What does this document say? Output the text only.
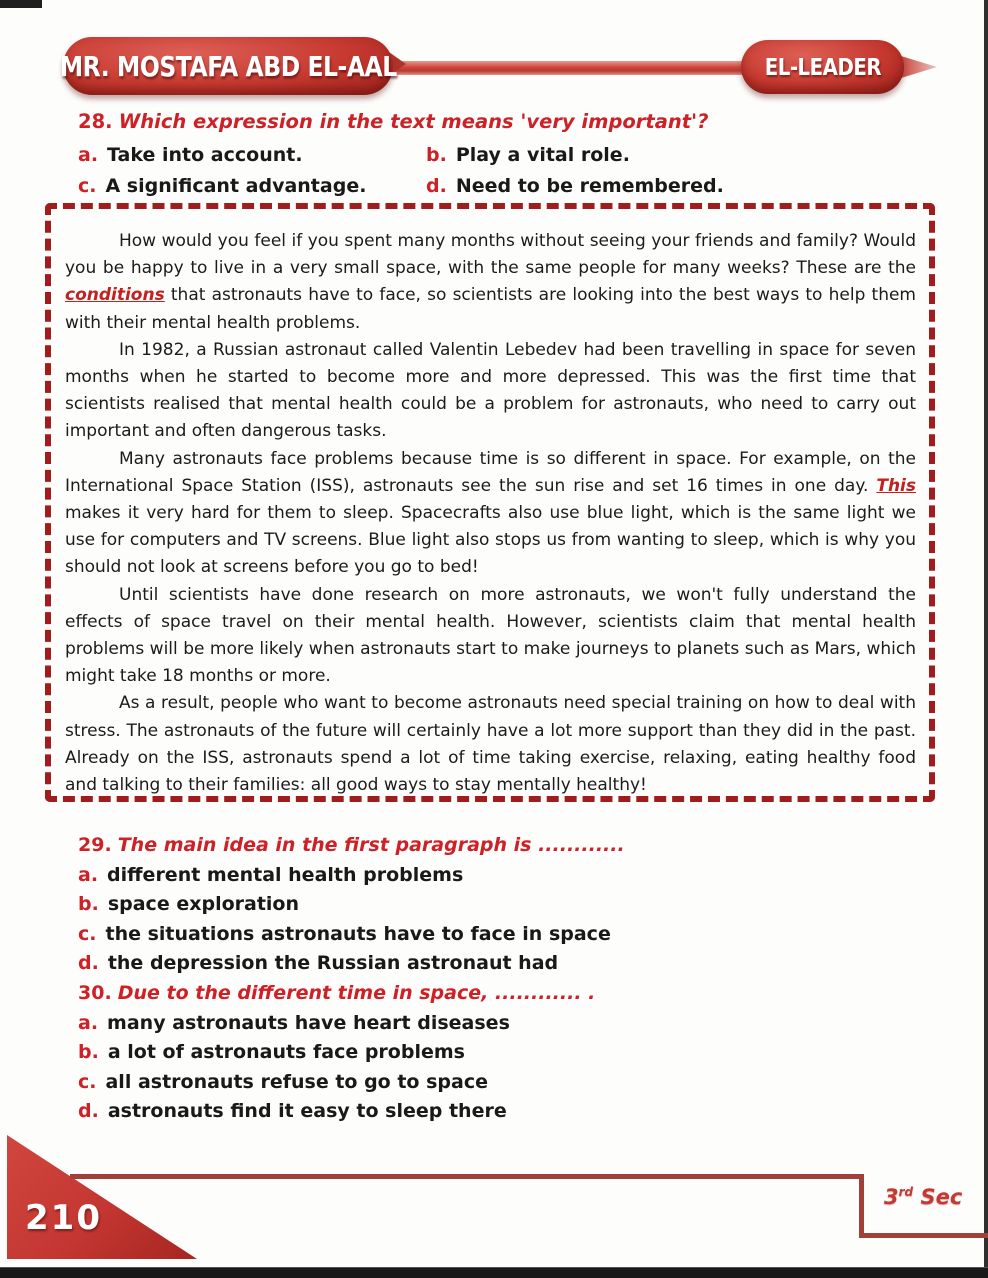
MR. MOSTAFA ABD EL-AAL	EL-LEADER
28. Which expression in the text means 'very important'?
a. Take into account.	b. Play a vital role.
c. A significant advantage.	d. Need to be remembered.

How would you feel if you spent many months without seeing your friends and family? Would you be happy to live in a very small space, with the same people for many weeks? These are the conditions that astronauts have to face, so scientists are looking into the best ways to help them with their mental health problems.

In 1982, a Russian astronaut called Valentin Lebedev had been travelling in space for seven months when he started to become more and more depressed. This was the first time that scientists realised that mental health could be a problem for astronauts, who need to carry out important and often dangerous tasks.

Many astronauts face problems because time is so different in space. For example, on the International Space Station (ISS), astronauts see the sun rise and set 16 times in one day. This makes it very hard for them to sleep. Spacecrafts also use blue light, which is the same light we use for computers and TV screens. Blue light also stops us from wanting to sleep, which is why you should not look at screens before you go to bed!

Until scientists have done research on more astronauts, we won't fully understand the effects of space travel on their mental health. However, scientists claim that mental health problems will be more likely when astronauts start to make journeys to planets such as Mars, which might take 18 months or more.

As a result, people who want to become astronauts need special training on how to deal with stress. The astronauts of the future will certainly have a lot more support than they did in the past. Already on the ISS, astronauts spend a lot of time taking exercise, relaxing, eating healthy food and talking to their families: all good ways to stay mentally healthy!

29. The main idea in the first paragraph is ............
a. different mental health problems
b. space exploration
c. the situations astronauts have to face in space
d. the depression the Russian astronaut had
30. Due to the different time in space, ............ .
a. many astronauts have heart diseases
b. a lot of astronauts face problems
c. all astronauts refuse to go to space
d. astronauts find it easy to sleep there
210
3rd Sec
